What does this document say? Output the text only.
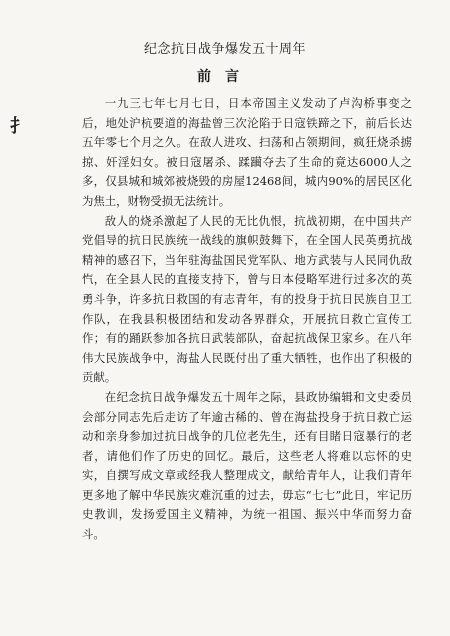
纪念抗日战争爆发五十周年
前言
扌

一九三七年七月七日，日本帝国主义发动了卢沟桥事变之后，地处沪杭要道的海盐曾三次沦陷于日寇铁蹄之下，前后长达五年零七个月之久。在敌人进攻、扫荡和占领期间，疯狂烧杀掳掠、奸淫妇女。被日寇屠杀、蹂躏夺去了生命的竟达6000人之多，仅县城和城郊被烧毁的房屋12468间，城内90%的居民区化为焦土，财物受损无法统计。

敌人的烧杀激起了人民的无比仇恨，抗战初期，在中国共产党倡导的抗日民族统一战线的旗帜鼓舞下，在全国人民英勇抗战精神的感召下，当年驻海盐国民党军队、地方武装与人民同仇敌忾，在全县人民的直接支持下，曾与日本侵略军进行过多次的英勇斗争，许多抗日救国的有志青年，有的投身于抗日民族自卫工作队，在我县积极团结和发动各界群众，开展抗日救亡宣传工作；有的踊跃参加各抗日武装部队，奋起抗战保卫家乡。在八年伟大民族战争中，海盐人民既付出了重大牺牲，也作出了积极的贡献。

在纪念抗日战争爆发五十周年之际，县政协编辑和文史委员会部分同志先后走访了年逾古稀的、曾在海盐投身于抗日救亡运动和亲身参加过抗日战争的几位老先生，还有目睹日寇暴行的老者，请他们作了历史的回忆。最后，这些老人将难以忘怀的史实，自撰写成文章或经我人整理成文，献给青年人，让我们青年更多地了解中华民族灾难沉重的过去，毋忘“七七”此日，牢记历史教训，发扬爱国主义精神，为统一祖国、振兴中华而努力奋斗。
